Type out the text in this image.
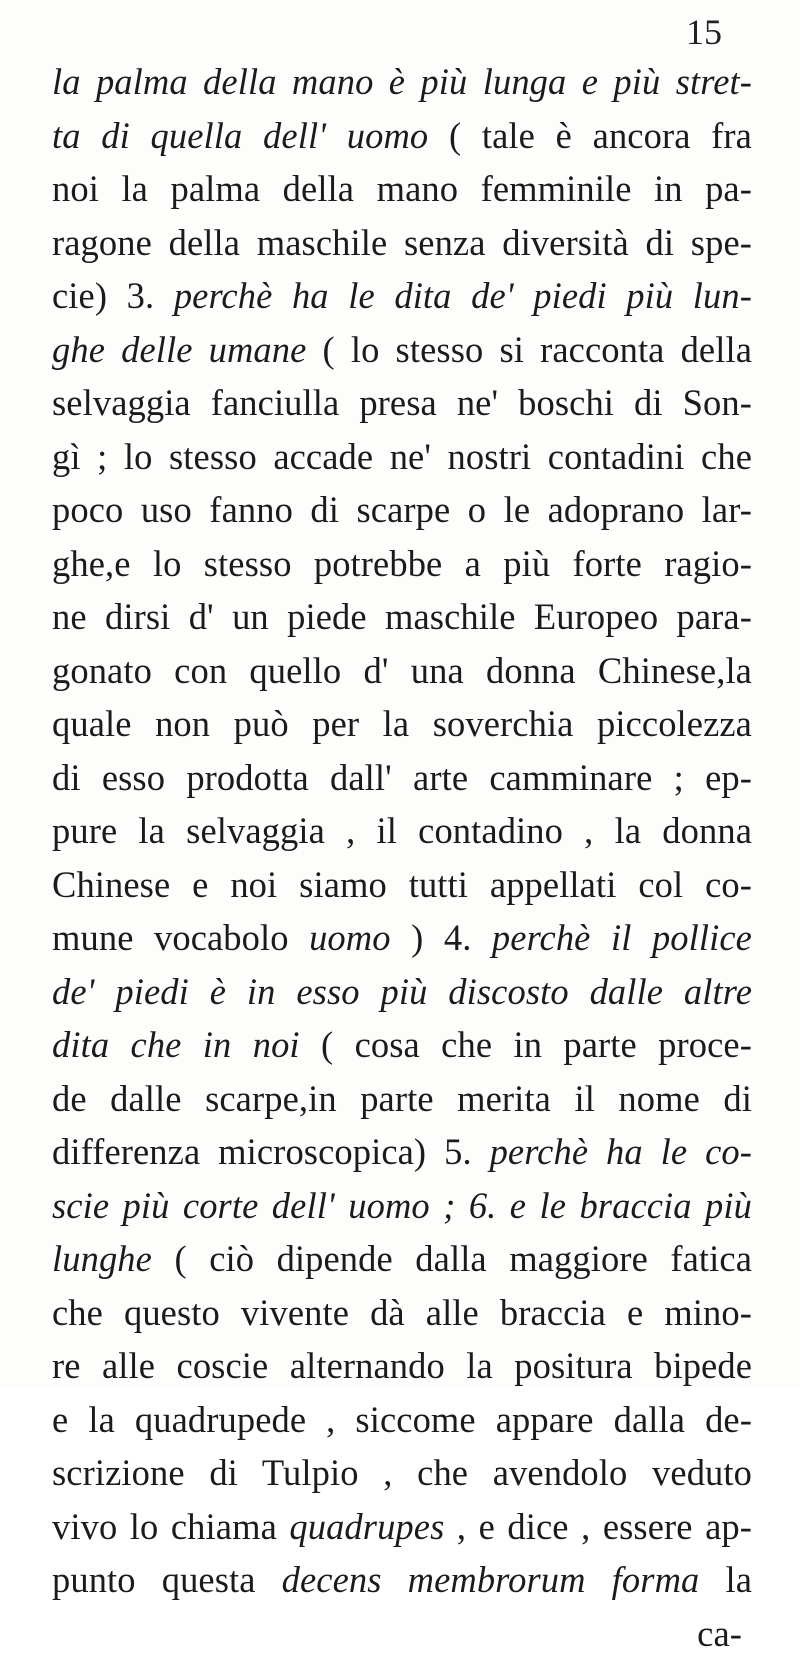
15
la palma della mano è più lunga e più stret-
ta di quella dell' uomo ( tale è ancora fra
noi la palma della mano femminile in pa-
ragone della maschile senza diversità di spe-
cie) 3. perchè ha le dita de' piedi più lun-
ghe delle umane ( lo stesso si racconta della
selvaggia fanciulla presa ne' boschi di Son-
gì ; lo stesso accade ne' nostri contadini che
poco uso fanno di scarpe o le adoprano lar-
ghe,e lo stesso potrebbe a più forte ragio-
ne dirsi d' un piede maschile Europeo para-
gonato con quello d' una donna Chinese,la
quale non può per la soverchia piccolezza
di esso prodotta dall' arte camminare ; ep-
pure la selvaggia , il contadino , la donna
Chinese e noi siamo tutti appellati col co-
mune vocabolo uomo ) 4. perchè il pollice
de' piedi è in esso più discosto dalle altre
dita che in noi ( cosa che in parte proce-
de dalle scarpe,in parte merita il nome di
differenza microscopica) 5. perchè ha le co-
scie più corte dell' uomo ; 6. e le braccia più
lunghe ( ciò dipende dalla maggiore fatica
che questo vivente dà alle braccia e mino-
re alle coscie alternando la positura bipede
e la quadrupede , siccome appare dalla de-
scrizione di Tulpio , che avendolo veduto
vivo lo chiama quadrupes , e dice , essere ap-
punto questa decens membrorum forma la
ca-
